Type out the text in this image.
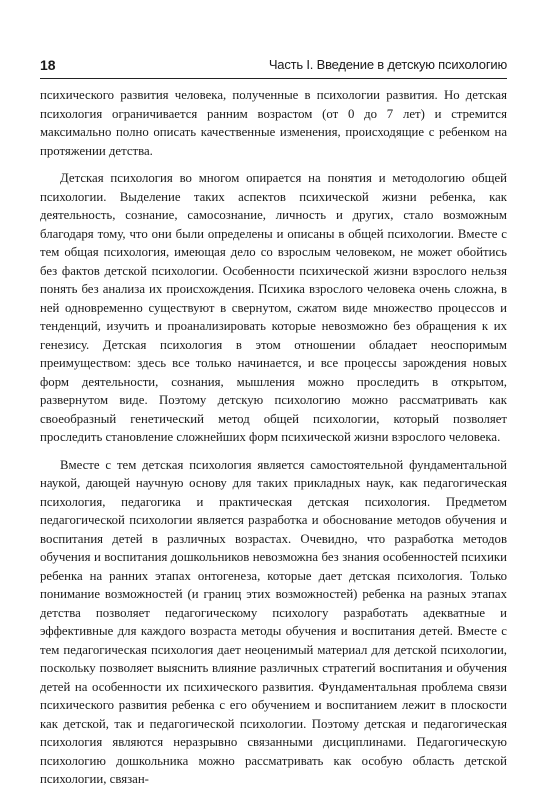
18	Часть I. Введение в детскую психологию

психического развития человека, полученные в психологии развития. Но детская психология ограничивается ранним возрастом (от 0 до 7 лет) и стремится максимально полно описать качественные изменения, происходящие с ребенком на протяжении детства.

Детская психология во многом опирается на понятия и методологию общей психологии. Выделение таких аспектов психической жизни ребенка, как деятельность, сознание, самосознание, личность и других, стало возможным благодаря тому, что они были определены и описаны в общей психологии. Вместе с тем общая психология, имеющая дело со взрослым человеком, не может обойтись без фактов детской психологии. Особенности психической жизни взрослого нельзя понять без анализа их происхождения. Психика взрослого человека очень сложна, в ней одновременно существуют в свернутом, сжатом виде множество процессов и тенденций, изучить и проанализировать которые невозможно без обращения к их генезису. Детская психология в этом отношении обладает неоспоримым преимуществом: здесь все только начинается, и все процессы зарождения новых форм деятельности, сознания, мышления можно проследить в открытом, развернутом виде. Поэтому детскую психологию можно рассматривать как своеобразный генетический метод общей психологии, который позволяет проследить становление сложнейших форм психической жизни взрослого человека.

Вместе с тем детская психология является самостоятельной фундаментальной наукой, дающей научную основу для таких прикладных наук, как педагогическая психология, педагогика и практическая детская психология. Предметом педагогической психологии является разработка и обоснование методов обучения и воспитания детей в различных возрастах. Очевидно, что разработка методов обучения и воспитания дошкольников невозможна без знания особенностей психики ребенка на ранних этапах онтогенеза, которые дает детская психология. Только понимание возможностей (и границ этих возможностей) ребенка на разных этапах детства позволяет педагогическому психологу разработать адекватные и эффективные для каждого возраста методы обучения и воспитания детей. Вместе с тем педагогическая психология дает неоценимый материал для детской психологии, поскольку позволяет выяснить влияние различных стратегий воспитания и обучения детей на особенности их психического развития. Фундаментальная проблема связи психического развития ребенка с его обучением и воспитанием лежит в плоскости как детской, так и педагогической психологии. Поэтому детская и педагогическая психология являются неразрывно связанными дисциплинами. Педагогическую психологию дошкольника можно рассматривать как особую область детской психологии, связан-
